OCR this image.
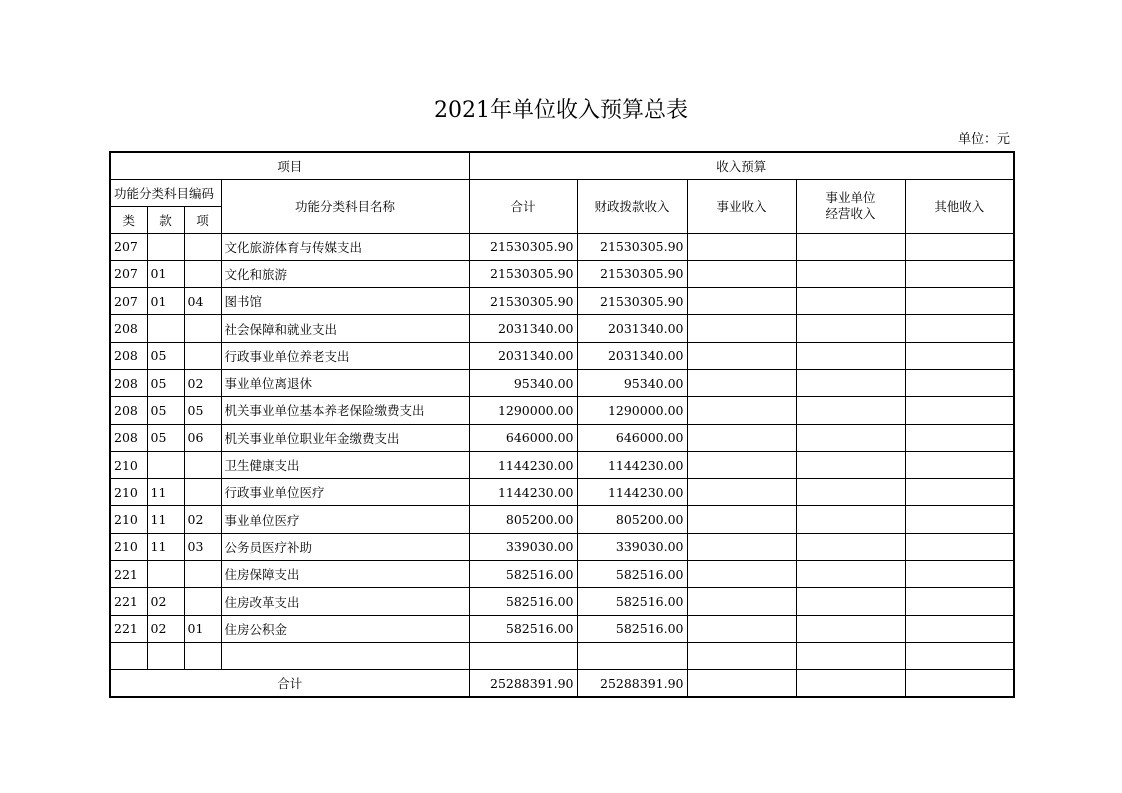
2021年单位收入预算总表
单位：元
项目				收入预算				
功能分类科目编码			功能分类科目名称	合计	财政拨款收入	事业收入	事业单位
经营收入	其他收入
类	款	项						
207			文化旅游体育与传媒支出	21530305.90	21530305.90			
207	01		文化和旅游	21530305.90	21530305.90			
207	01	04	图书馆	21530305.90	21530305.90			
208			社会保障和就业支出	2031340.00	2031340.00			
208	05		行政事业单位养老支出	2031340.00	2031340.00			
208	05	02	事业单位离退休	95340.00	95340.00			
208	05	05	机关事业单位基本养老保险缴费支出	1290000.00	1290000.00			
208	05	06	机关事业单位职业年金缴费支出	646000.00	646000.00			
210			卫生健康支出	1144230.00	1144230.00			
210	11		行政事业单位医疗	1144230.00	1144230.00			
210	11	02	事业单位医疗	805200.00	805200.00			
210	11	03	公务员医疗补助	339030.00	339030.00			
221			住房保障支出	582516.00	582516.00			
221	02		住房改革支出	582516.00	582516.00			
221	02	01	住房公积金	582516.00	582516.00			

合计				25288391.90	25288391.90			
